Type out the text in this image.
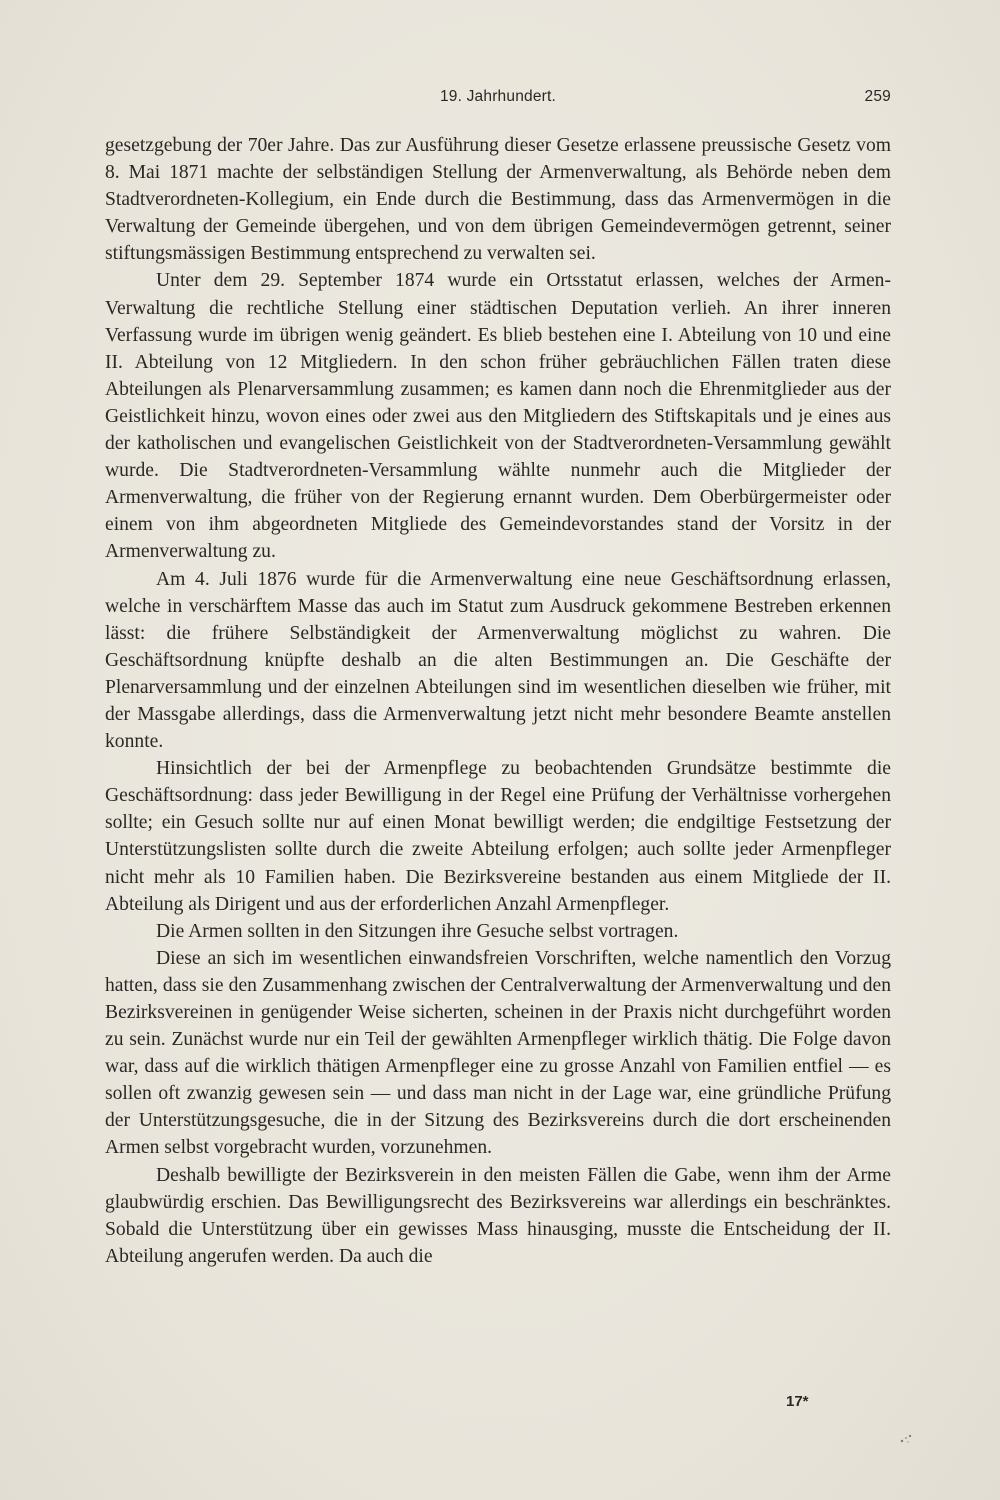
19. Jahrhundert.	259

gesetzgebung der 70er Jahre. Das zur Ausführung dieser Gesetze erlassene preussische Gesetz vom 8. Mai 1871 machte der selbständigen Stellung der Armenverwaltung, als Behörde neben dem Stadtverordneten-Kollegium, ein Ende durch die Bestimmung, dass das Armenvermögen in die Verwaltung der Gemeinde übergehen, und von dem übrigen Gemeindevermögen getrennt, seiner stiftungsmässigen Bestimmung entsprechend zu verwalten sei.

Unter dem 29. September 1874 wurde ein Ortsstatut erlassen, welches der Armen-Verwaltung die rechtliche Stellung einer städtischen Deputation verlieh. An ihrer inneren Verfassung wurde im übrigen wenig geändert. Es blieb bestehen eine I. Abteilung von 10 und eine II. Abteilung von 12 Mitgliedern. In den schon früher gebräuchlichen Fällen traten diese Abteilungen als Plenarversammlung zusammen; es kamen dann noch die Ehrenmitglieder aus der Geistlichkeit hinzu, wovon eines oder zwei aus den Mitgliedern des Stiftskapitals und je eines aus der katholischen und evangelischen Geistlichkeit von der Stadtverordneten-Versammlung gewählt wurde. Die Stadtverordneten-Versammlung wählte nunmehr auch die Mitglieder der Armenverwaltung, die früher von der Regierung ernannt wurden. Dem Oberbürgermeister oder einem von ihm abgeordneten Mitgliede des Gemeindevorstandes stand der Vorsitz in der Armenverwaltung zu.

Am 4. Juli 1876 wurde für die Armenverwaltung eine neue Geschäftsordnung erlassen, welche in verschärftem Masse das auch im Statut zum Ausdruck gekommene Bestreben erkennen lässt: die frühere Selbständigkeit der Armenverwaltung möglichst zu wahren. Die Geschäftsordnung knüpfte deshalb an die alten Bestimmungen an. Die Geschäfte der Plenarversammlung und der einzelnen Abteilungen sind im wesentlichen dieselben wie früher, mit der Massgabe allerdings, dass die Armenverwaltung jetzt nicht mehr besondere Beamte anstellen konnte.

Hinsichtlich der bei der Armenpflege zu beobachtenden Grundsätze bestimmte die Geschäftsordnung: dass jeder Bewilligung in der Regel eine Prüfung der Verhältnisse vorhergehen sollte; ein Gesuch sollte nur auf einen Monat bewilligt werden; die endgiltige Festsetzung der Unterstützungslisten sollte durch die zweite Abteilung erfolgen; auch sollte jeder Armenpfleger nicht mehr als 10 Familien haben. Die Bezirksvereine bestanden aus einem Mitgliede der II. Abteilung als Dirigent und aus der erforderlichen Anzahl Armenpfleger.

Die Armen sollten in den Sitzungen ihre Gesuche selbst vortragen.

Diese an sich im wesentlichen einwandsfreien Vorschriften, welche namentlich den Vorzug hatten, dass sie den Zusammenhang zwischen der Centralverwaltung der Armenverwaltung und den Bezirksvereinen in genügender Weise sicherten, scheinen in der Praxis nicht durchgeführt worden zu sein. Zunächst wurde nur ein Teil der gewählten Armenpfleger wirklich thätig. Die Folge davon war, dass auf die wirklich thätigen Armenpfleger eine zu grosse Anzahl von Familien entfiel — es sollen oft zwanzig gewesen sein — und dass man nicht in der Lage war, eine gründliche Prüfung der Unterstützungsgesuche, die in der Sitzung des Bezirksvereins durch die dort erscheinenden Armen selbst vorgebracht wurden, vorzunehmen.

Deshalb bewilligte der Bezirksverein in den meisten Fällen die Gabe, wenn ihm der Arme glaubwürdig erschien. Das Bewilligungsrecht des Bezirksvereins war allerdings ein beschränktes. Sobald die Unterstützung über ein gewisses Mass hinausging, musste die Entscheidung der II. Abteilung angerufen werden. Da auch die

17*
